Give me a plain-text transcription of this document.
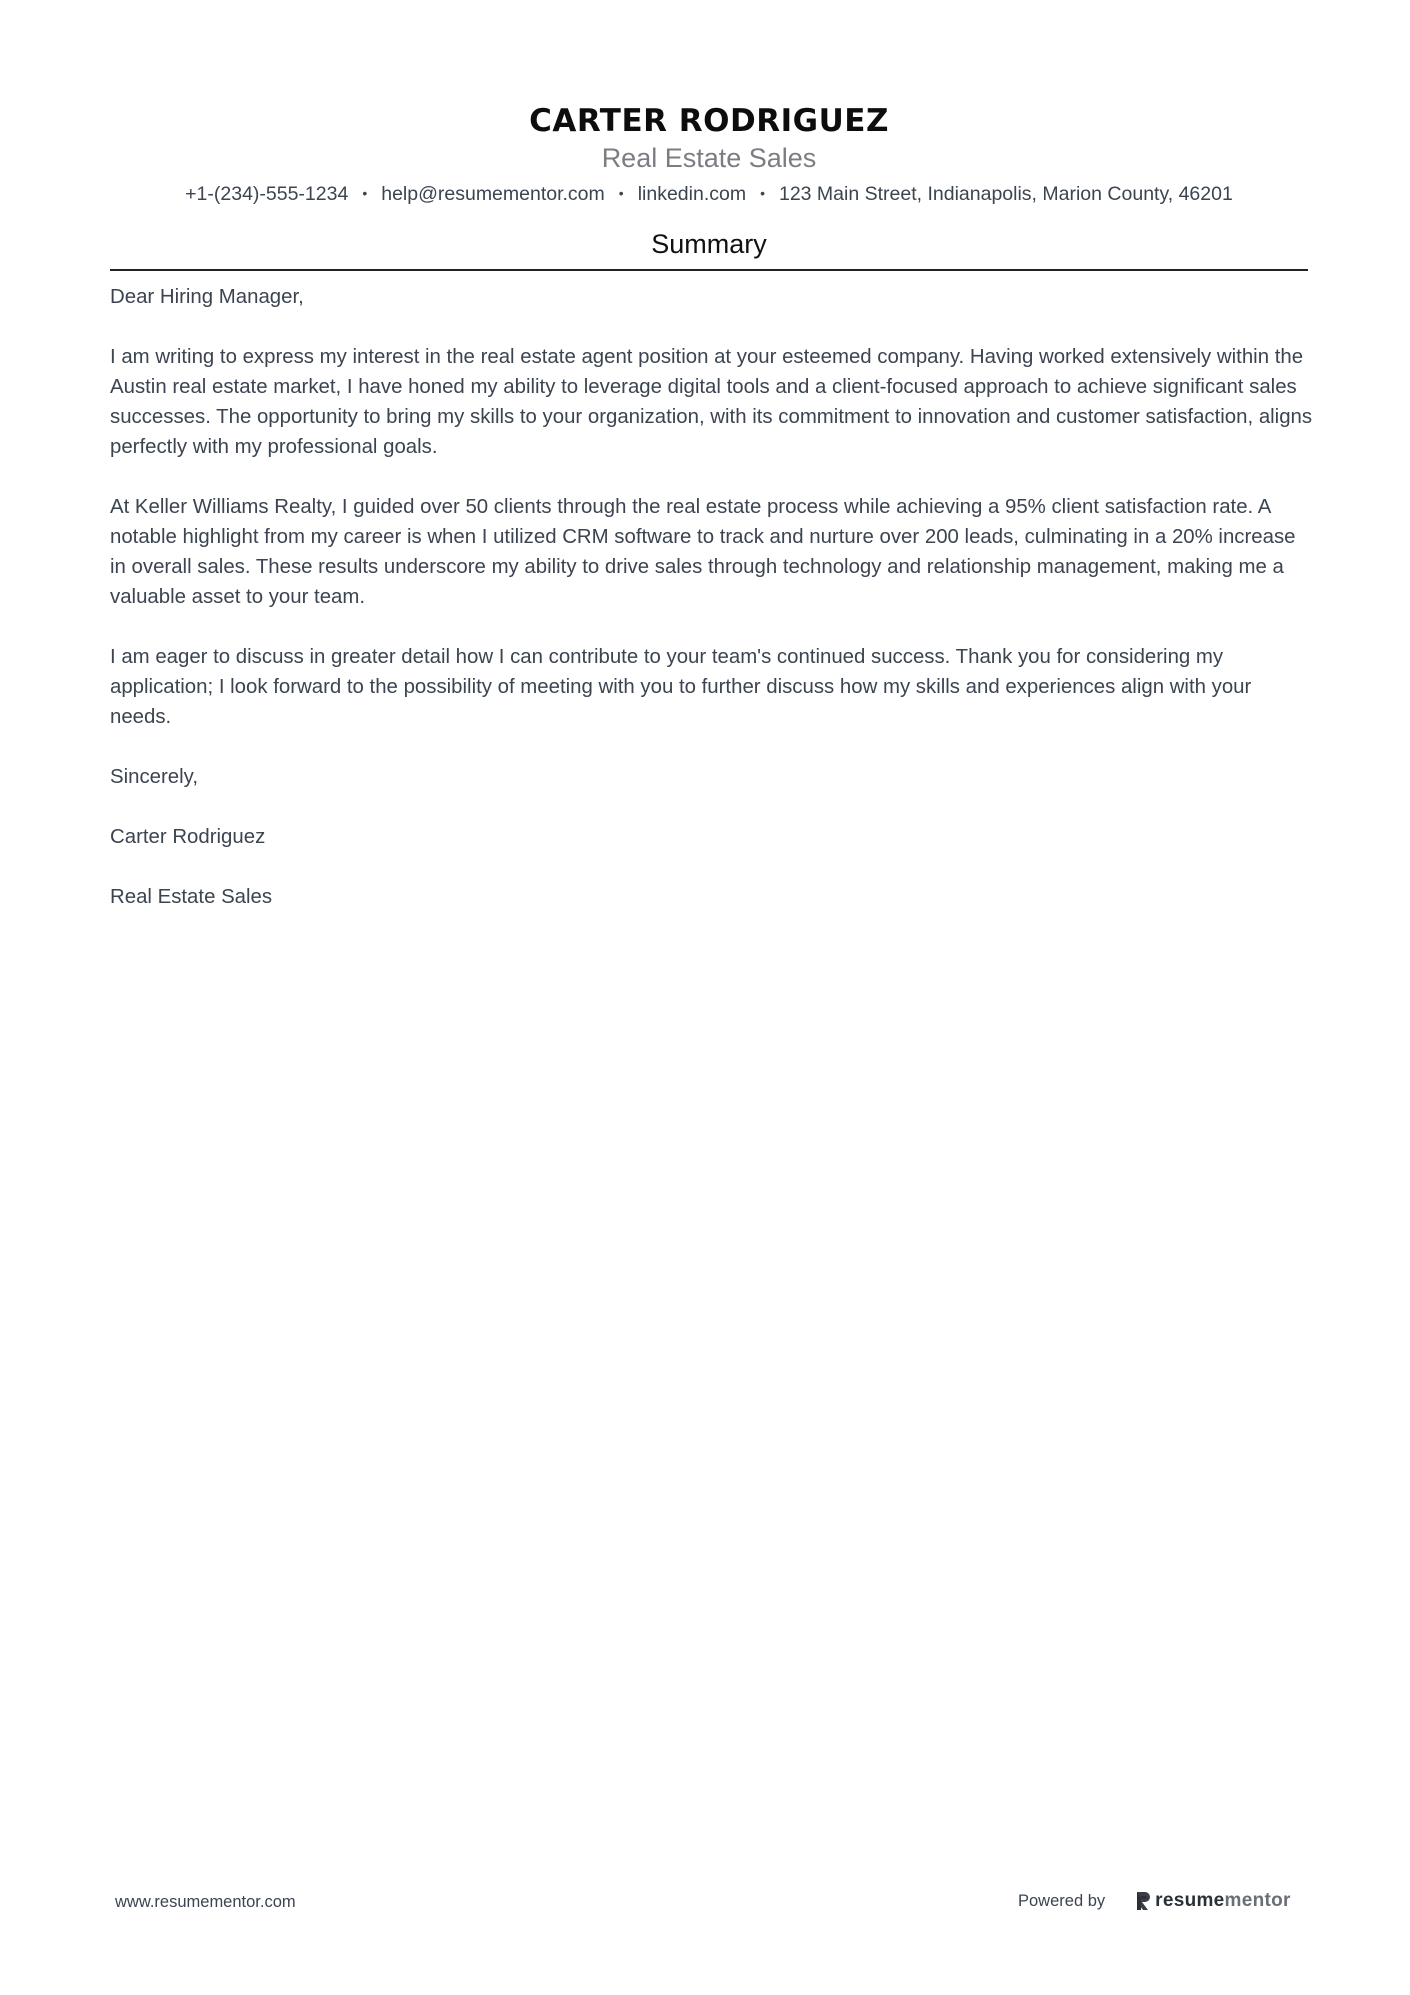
CARTER RODRIGUEZ
Real Estate Sales
+1-(234)-555-1234 • help@resumementor.com • linkedin.com • 123 Main Street, Indianapolis, Marion County, 46201
Summary

Dear Hiring Manager,

I am writing to express my interest in the real estate agent position at your esteemed company. Having worked extensively within the Austin real estate market, I have honed my ability to leverage digital tools and a client-focused approach to achieve significant sales successes. The opportunity to bring my skills to your organization, with its commitment to innovation and customer satisfaction, aligns perfectly with my professional goals.

At Keller Williams Realty, I guided over 50 clients through the real estate process while achieving a 95% client satisfaction rate. A notable highlight from my career is when I utilized CRM software to track and nurture over 200 leads, culminating in a 20% increase in overall sales. These results underscore my ability to drive sales through technology and relationship management, making me a valuable asset to your team.

I am eager to discuss in greater detail how I can contribute to your team's continued success. Thank you for considering my application; I look forward to the possibility of meeting with you to further discuss how my skills and experiences align with your needs.

Sincerely,

Carter Rodriguez

Real Estate Sales

www.resumementor.com	Powered by	resume mentor
